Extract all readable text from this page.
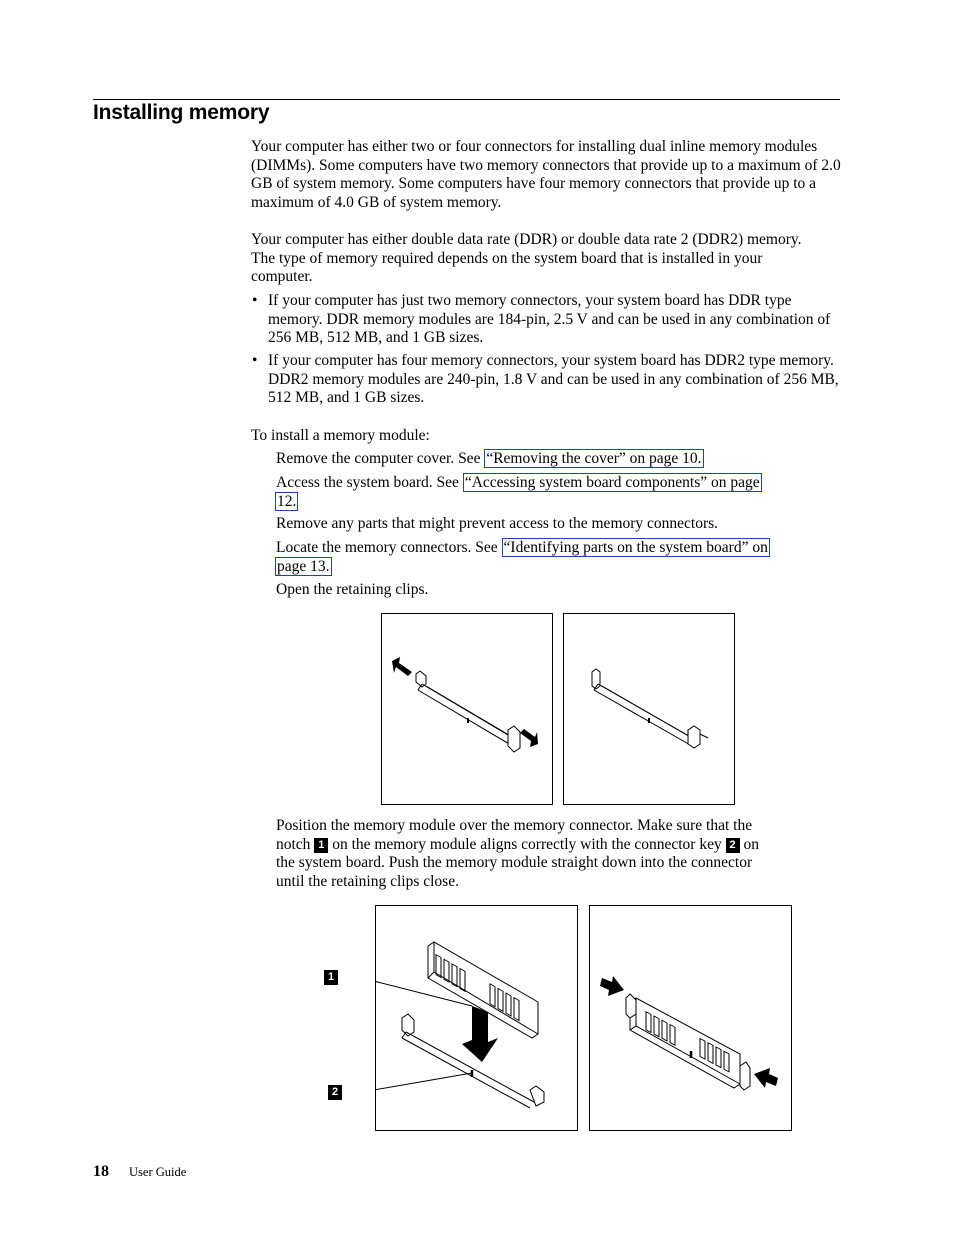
Installing memory

Your computer has either two or four connectors for installing dual inline memory modules (DIMMs). Some computers have two memory connectors that provide up to a maximum of 2.0 GB of system memory. Some computers have four memory connectors that provide up to a maximum of 4.0 GB of system memory.

Your computer has either double data rate (DDR) or double data rate 2 (DDR2) memory. The type of memory required depends on the system board that is installed in your computer.

• If your computer has just two memory connectors, your system board has DDR type memory. DDR memory modules are 184-pin, 2.5 V and can be used in any combination of 256 MB, 512 MB, and 1 GB sizes.
• If your computer has four memory connectors, your system board has DDR2 type memory. DDR2 memory modules are 240-pin, 1.8 V and can be used in any combination of 256 MB, 512 MB, and 1 GB sizes.

To install a memory module:

Remove the computer cover. See “Removing the cover” on page 10.

Access the system board. See “Accessing system board components” on page
12.

Remove any parts that might prevent access to the memory connectors.

Locate the memory connectors. See “Identifying parts on the system board” on
page 13.

Open the retaining clips.

Position the memory module over the memory connector. Make sure that the
notch 1 on the memory module aligns correctly with the connector key 2 on
the system board. Push the memory module straight down into the connector
until the retaining clips close.
1
2
18 User Guide
